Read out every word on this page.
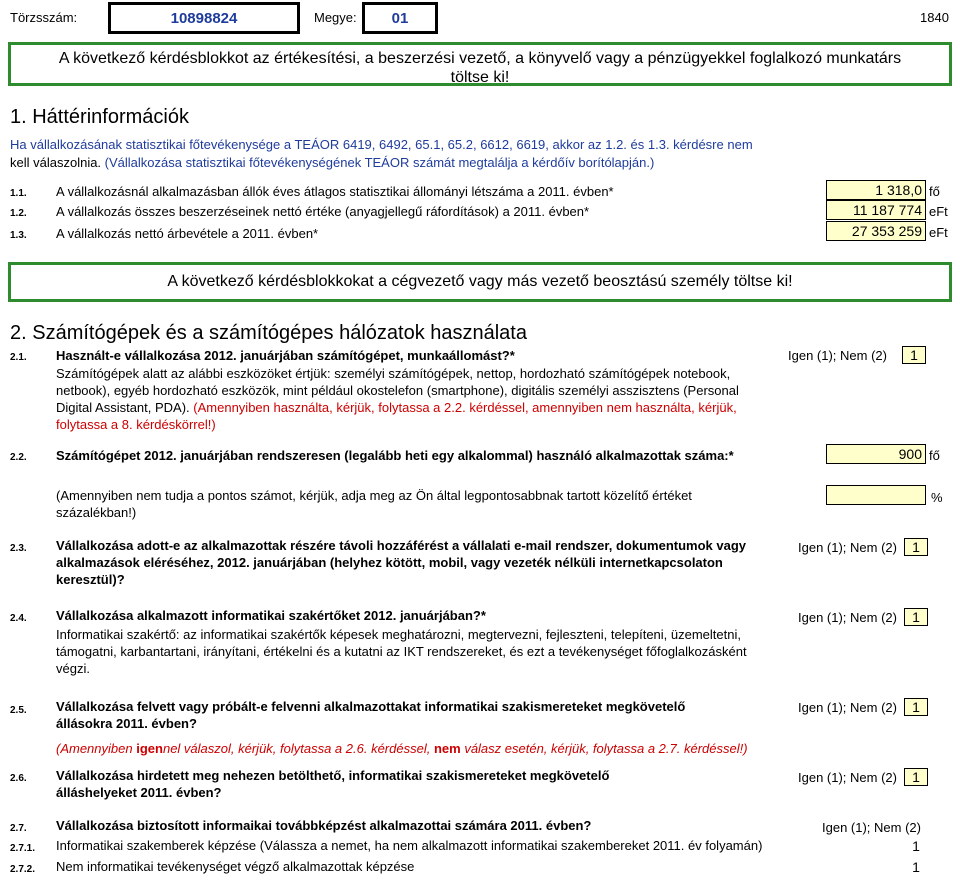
Törzsszám:	10898824	Megye:	01	1840
A következő kérdésblokkot az értékesítési, a beszerzési vezető, a könyvelő vagy a pénzügyekkel foglalkozó munkatárs töltse ki!
1. Háttérinformációk
Ha vállalkozásának statisztikai főtevékenysége a TEÁOR 6419, 6492, 65.1, 65.2, 6612, 6619, akkor az 1.2. és 1.3. kérdésre nem
kell válaszolnia. (Vállalkozása statisztikai főtevékenységének TEÁOR számát megtalálja a kérdőív borítólapján.)
1.1. A vállalkozásnál alkalmazásban állók éves átlagos statisztikai állományi létszáma a 2011. évben*	1 318,0 fő
1.2. A vállalkozás összes beszerzéseinek nettó értéke (anyagjellegű ráfordítások) a 2011. évben*	11 187 774 eFt
1.3. A vállalkozás nettó árbevétele a 2011. évben*	27 353 259 eFt
A következő kérdésblokkokat a cégvezető vagy más vezető beosztású személy töltse ki!
2. Számítógépek és a számítógépes hálózatok használata
2.1. Használt-e vállalkozása 2012. januárjában számítógépet, munkaállomást?*	Igen (1); Nem (2)	1
Számítógépek alatt az alábbi eszközöket értjük: személyi számítógépek, nettop, hordozható számítógépek notebook,
netbook), egyéb hordozható eszközök, mint például okostelefon (smartphone), digitális személyi asszisztens (Personal
Digital Assistant, PDA). (Amennyiben használta, kérjük, folytassa a 2.2. kérdéssel, amennyiben nem használta, kérjük,
folytassa a 8. kérdéskörrel!)
2.2. Számítógépet 2012. januárjában rendszeresen (legalább heti egy alkalommal) használó alkalmazottak száma:*	900 fő
(Amennyiben nem tudja a pontos számot, kérjük, adja meg az Ön által legpontosabbnak tartott közelítő értéket
százalékban!)
%
2.3. Vállalkozása adott-e az alkalmazottak részére távoli hozzáférést a vállalati e-mail rendszer, dokumentumok vagy
alkalmazások eléréséhez, 2012. januárjában (helyhez kötött, mobil, vagy vezeték nélküli internetkapcsolaton
keresztül)?
Igen (1); Nem (2)	1
2.4. Vállalkozása alkalmazott informatikai szakértőket 2012. januárjában?*	Igen (1); Nem (2)	1
Informatikai szakértő: az informatikai szakértők képesek meghatározni, megtervezni, fejleszteni, telepíteni, üzemeltetni,
támogatni, karbantartani, irányítani, értékelni és a kutatni az IKT rendszereket, és ezt a tevékenységet főfoglalkozásként
végzi.
2.5. Vállalkozása felvett vagy próbált-e felvenni alkalmazottakat informatikai szakismereteket megkövetelő
állásokra 2011. évben?
Igen (1); Nem (2)	1
(Amennyiben igennel válaszol, kérjük, folytassa a 2.6. kérdéssel, nem válasz esetén, kérjük, folytassa a 2.7. kérdéssel!)
2.6. Vállalkozása hirdetett meg nehezen betölthető, informatikai szakismereteket megkövetelő
álláshelyeket 2011. évben?
Igen (1); Nem (2)	1
2.7. Vállalkozása biztosított informaikai továbbképzést alkalmazottai számára 2011. évben?	Igen (1); Nem (2)
2.7.1. Informatikai szakemberek képzése (Válassza a nemet, ha nem alkalmazott informatikai szakembereket 2011. év folyamán)	1
2.7.2. Nem informatikai tevékenységet végző alkalmazottak képzése	1
